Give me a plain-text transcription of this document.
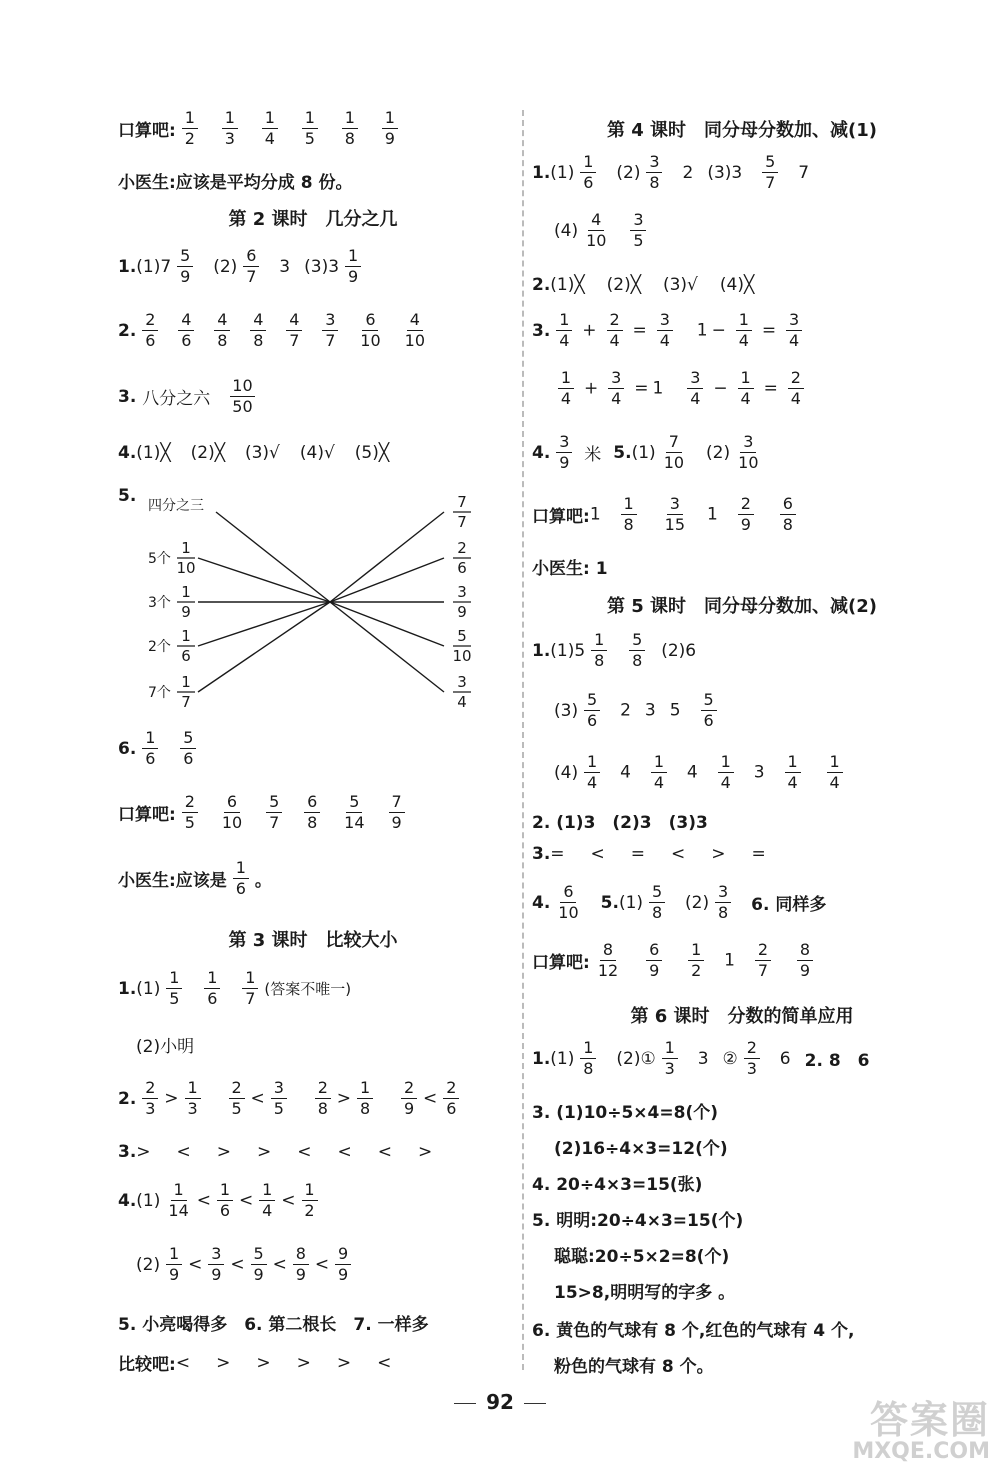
口算吧: $\frac{1}{2} \frac{1}{3} \frac{1}{4} \frac{1}{5} \frac{1}{8} \frac{1}{9}$
小医生:应该是平均分成 8 份。
第 2 课时　几分之几
1. $(1)7 \frac{5}{9} (2) \frac{6}{7} 3$ $(3)3 \frac{1}{9}$
2. $\frac{2}{6} \frac{4}{6} \frac{4}{8} \frac{4}{8} \frac{4}{7} \frac{3}{7} \frac{6}{10} \frac{4}{10}$
3. 八分之六 $\frac{10}{50}$
4. (1)╳ (2)╳ (3)√ (4)√ (5)╳
5. 四分之三
5个
1
10
3个
1
9
2个
1
6
7个
1
7
7
7
2
6
3
9
5
10
3
4
6. $\frac{1}{6} \frac{5}{6}$
口算吧: $\frac{2}{5} \frac{6}{10} \frac{5}{7} \frac{6}{8} \frac{5}{14} \frac{7}{9}$
小医生:应该是 $\frac{1}{6}$ 。
第 3 课时　比较大小
1. $(1) \frac{1}{5} \frac{1}{6} \frac{1}{7}$ (答案不唯一)
(2)小明
2. $\frac{2}{3} > \frac{1}{3} \frac{2}{5} < \frac{3}{5} \frac{2}{8} > \frac{1}{8} \frac{2}{9} < \frac{2}{6}$
3. > < > > < < < >
4. $(1) \frac{1}{14} < \frac{1}{6} < \frac{1}{4} < \frac{1}{2}$
$(2) \frac{1}{9} < \frac{3}{9} < \frac{5}{9} < \frac{8}{9} < \frac{9}{9}$
5. 小亮喝得多　6. 第二根长　7. 一样多
比较吧: < > > > > <
第 4 课时　同分母分数加、减(1)
1. $(1) \frac{1}{6} (2) \frac{3}{8} 2$ $(3)3 \frac{5}{7} 7$
$(4) \frac{4}{10} \frac{3}{5}$
2. (1)╳ (2)╳ (3)√ (4)╳
3. $\frac{1}{4} + \frac{2}{4} = \frac{3}{4} 1 - \frac{1}{4} = \frac{3}{4}$
$\frac{1}{4} + \frac{3}{4} = 1 \frac{3}{4} - \frac{1}{4} = \frac{2}{4}$
4. $\frac{3}{9}$ 米 5. $(1) \frac{7}{10} (2) \frac{3}{10}$
口算吧: $1 \frac{1}{8} \frac{3}{15} 1 \frac{2}{9} \frac{6}{8}$
小医生: 1
第 5 课时　同分母分数加、减(2)
1. $(1)5 \frac{1}{8} \frac{5}{8} (2)6$
$(3) \frac{5}{6} 2$ 3 $5 \frac{5}{6}$
$(4) \frac{1}{4} 4 \frac{1}{4} 4 \frac{1}{4} 3 \frac{1}{4} \frac{1}{4}$
2. (1)3　(2)3　(3)3
3. = < = < > =
4. $\frac{6}{10} 5$. $(1) \frac{5}{8} (2) \frac{3}{8} 6$. 同样多
口算吧: $\frac{8}{12} \frac{6}{9} \frac{1}{2} 1 \frac{2}{7} \frac{8}{9}$
第 6 课时　分数的简单应用
1. $(1) \frac{1}{8}$ (2)① $\frac{1}{3} 3$ ② $\frac{2}{3} 6$ 2. 8　6
3. (1)10÷5×4=8(个)
(2)16÷4×3=12(个)
4. 20÷4×3=15(张)
5. 明明:20÷4×3=15(个)
聪聪:20÷5×2=8(个)
15>8,明明写的字多 。
6. 黄色的气球有 8 个,红色的气球有 4 个,
粉色的气球有 8 个。
92	答案圈
MXQE.COM
